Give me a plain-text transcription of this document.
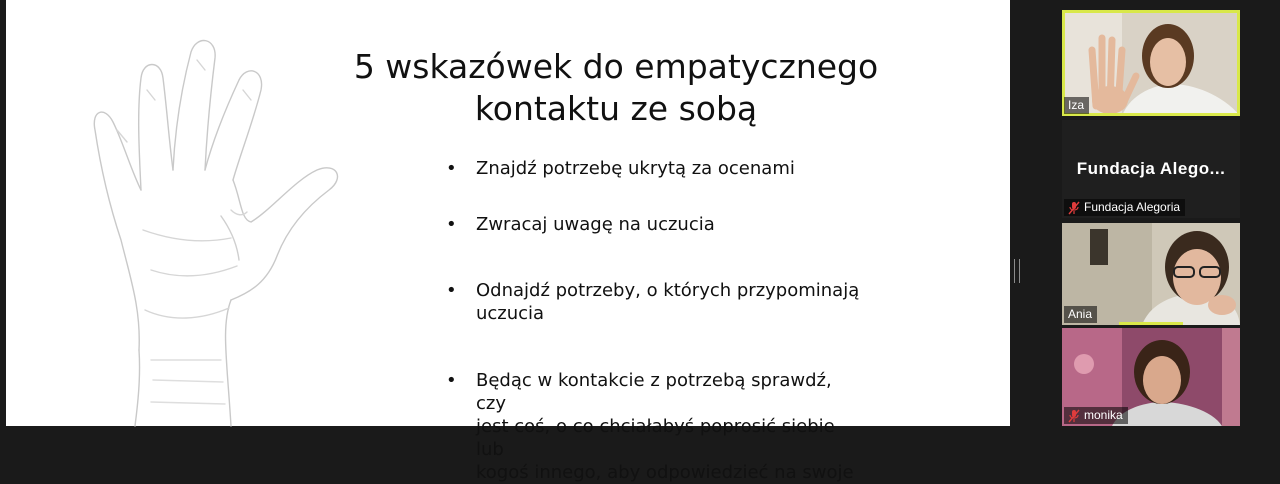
5 wskazówek do empatycznego
kontaktu ze sobą
• Znajdź potrzebę ukrytą za ocenami
• Zwracaj uwagę na uczucia
• Odnajdź potrzeby, o których przypominają
uczucia
• Będąc w kontakcie z potrzebą sprawdź, czy
jest coś, o co chciałabyś poprosić siebie lub
kogoś innego, aby odpowiedzieć na swoje
Iza
Fundacja Alego...
Fundacja Alegoria
Ania
monika
